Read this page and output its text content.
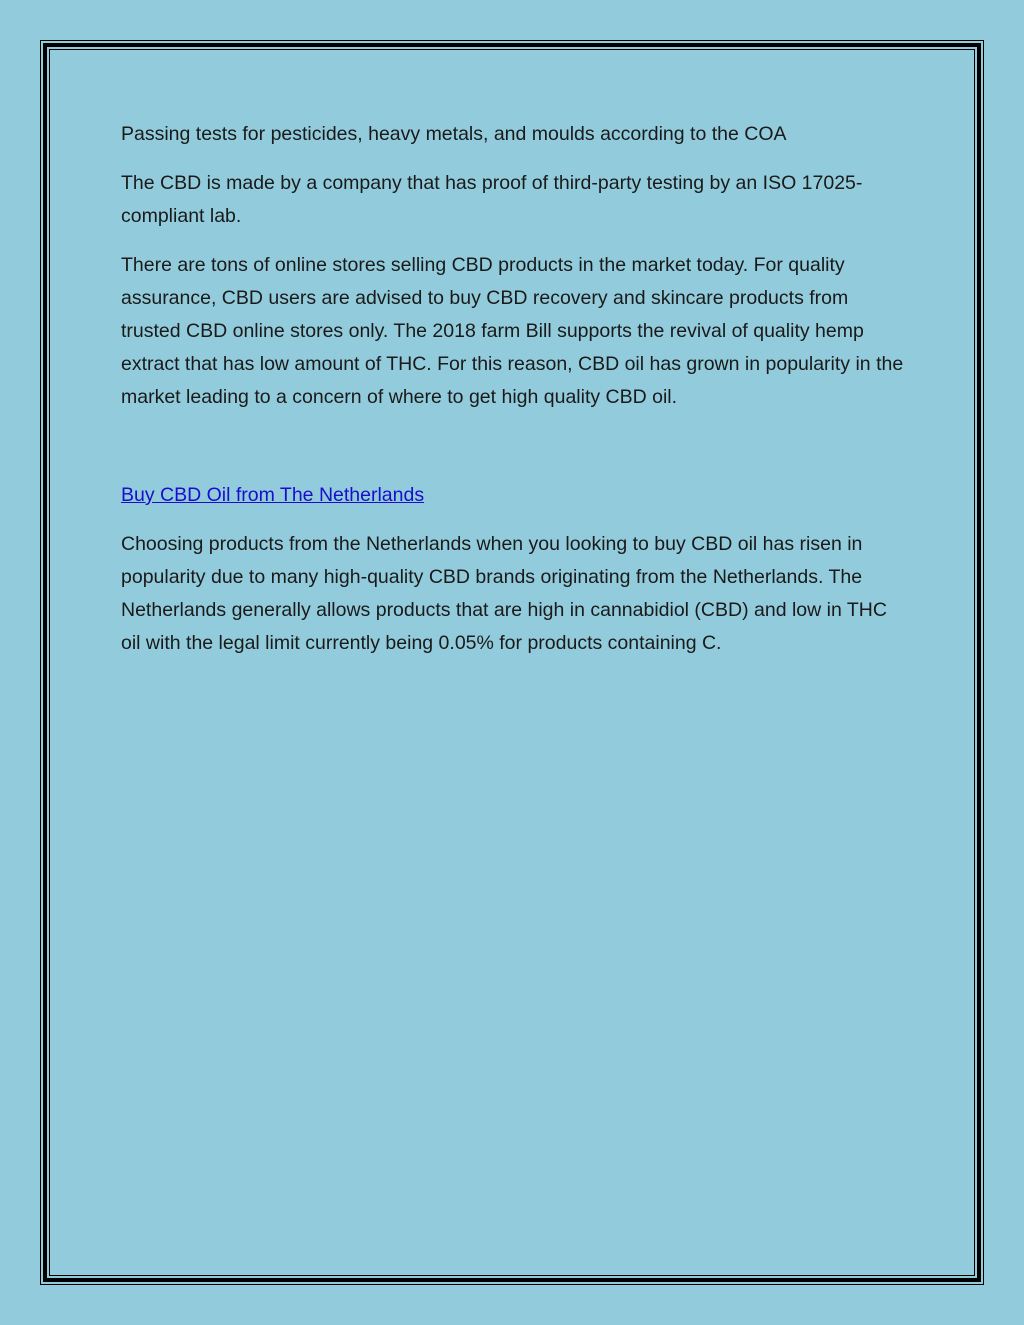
Passing tests for pesticides, heavy metals, and moulds according to the COA

The CBD is made by a company that has proof of third-party testing by an ISO 17025-compliant lab.

There are tons of online stores selling CBD products in the market today. For quality assurance, CBD users are advised to buy CBD recovery and skincare products from trusted CBD online stores only. The 2018 farm Bill supports the revival of quality hemp extract that has low amount of THC. For this reason, CBD oil has grown in popularity in the market leading to a concern of where to get high quality CBD oil.

Buy CBD Oil from The Netherlands

Choosing products from the Netherlands when you looking to buy CBD oil has risen in popularity due to many high-quality CBD brands originating from the Netherlands. The Netherlands generally allows products that are high in cannabidiol (CBD) and low in THC oil with the legal limit currently being 0.05% for products containing C.
